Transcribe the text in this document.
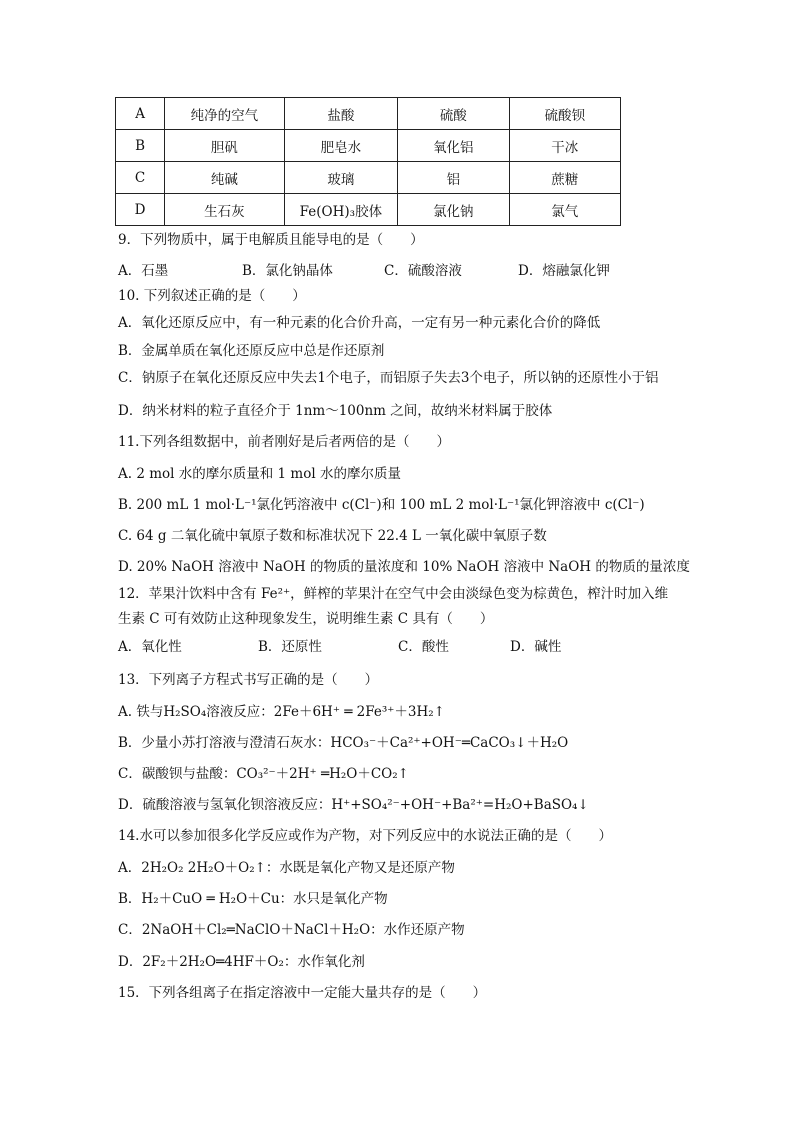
A	纯净的空气	盐酸	硫酸	硫酸钡
B	胆矾	肥皂水	氧化铝	干冰
C	纯碱	玻璃	铝	蔗糖
D	生石灰	Fe(OH)₃胶体	氯化钠	氯气
9．下列物质中，属于电解质且能导电的是（　　）
A．石墨	B．氯化钠晶体	C．硫酸溶液	D．熔融氯化钾
10. 下列叙述正确的是（　　）
A．氧化还原反应中，有一种元素的化合价升高，一定有另一种元素化合价的降低
B．金属单质在氧化还原反应中总是作还原剂
C．钠原子在氧化还原反应中失去1个电子，而铝原子失去3个电子，所以钠的还原性小于铝
D．纳米材料的粒子直径介于 1nm～100nm 之间，故纳米材料属于胶体
11.下列各组数据中，前者刚好是后者两倍的是（　　）
A. 2 mol 水的摩尔质量和 1 mol 水的摩尔质量
B. 200 mL 1 mol·L⁻¹氯化钙溶液中 c(Cl⁻)和 100 mL 2 mol·L⁻¹氯化钾溶液中 c(Cl⁻)
C. 64 g 二氧化硫中氧原子数和标准状况下 22.4 L 一氧化碳中氧原子数
D. 20% NaOH 溶液中 NaOH 的物质的量浓度和 10% NaOH 溶液中 NaOH 的物质的量浓度
12．苹果汁饮料中含有 Fe²⁺，鲜榨的苹果汁在空气中会由淡绿色变为棕黄色，榨汁时加入维
生素 C 可有效防止这种现象发生，说明维生素 C 具有（　　）
A．氧化性	B．还原性	C．酸性	D．碱性
13．下列离子方程式书写正确的是（　　）
A. 铁与H₂SO₄溶液反应：2Fe＋6H⁺ ═ 2Fe³⁺＋3H₂↑
B．少量小苏打溶液与澄清石灰水：HCO₃⁻＋Ca²⁺+OH⁻═CaCO₃↓＋H₂O
C．碳酸钡与盐酸：CO₃²⁻＋2H⁺ ═H₂O＋CO₂↑
D．硫酸溶液与氢氧化钡溶液反应：H⁺+SO₄²⁻+OH⁻+Ba²⁺=H₂O+BaSO₄↓
14.水可以参加很多化学反应或作为产物，对下列反应中的水说法正确的是（　　）
A．2H₂O₂ 2H₂O＋O₂↑：水既是氧化产物又是还原产物
B．H₂＋CuO ═ H₂O＋Cu：水只是氧化产物
C．2NaOH＋Cl₂═NaClO＋NaCl＋H₂O：水作还原产物
D．2F₂＋2H₂O═4HF＋O₂：水作氧化剂
15．下列各组离子在指定溶液中一定能大量共存的是（　　）
